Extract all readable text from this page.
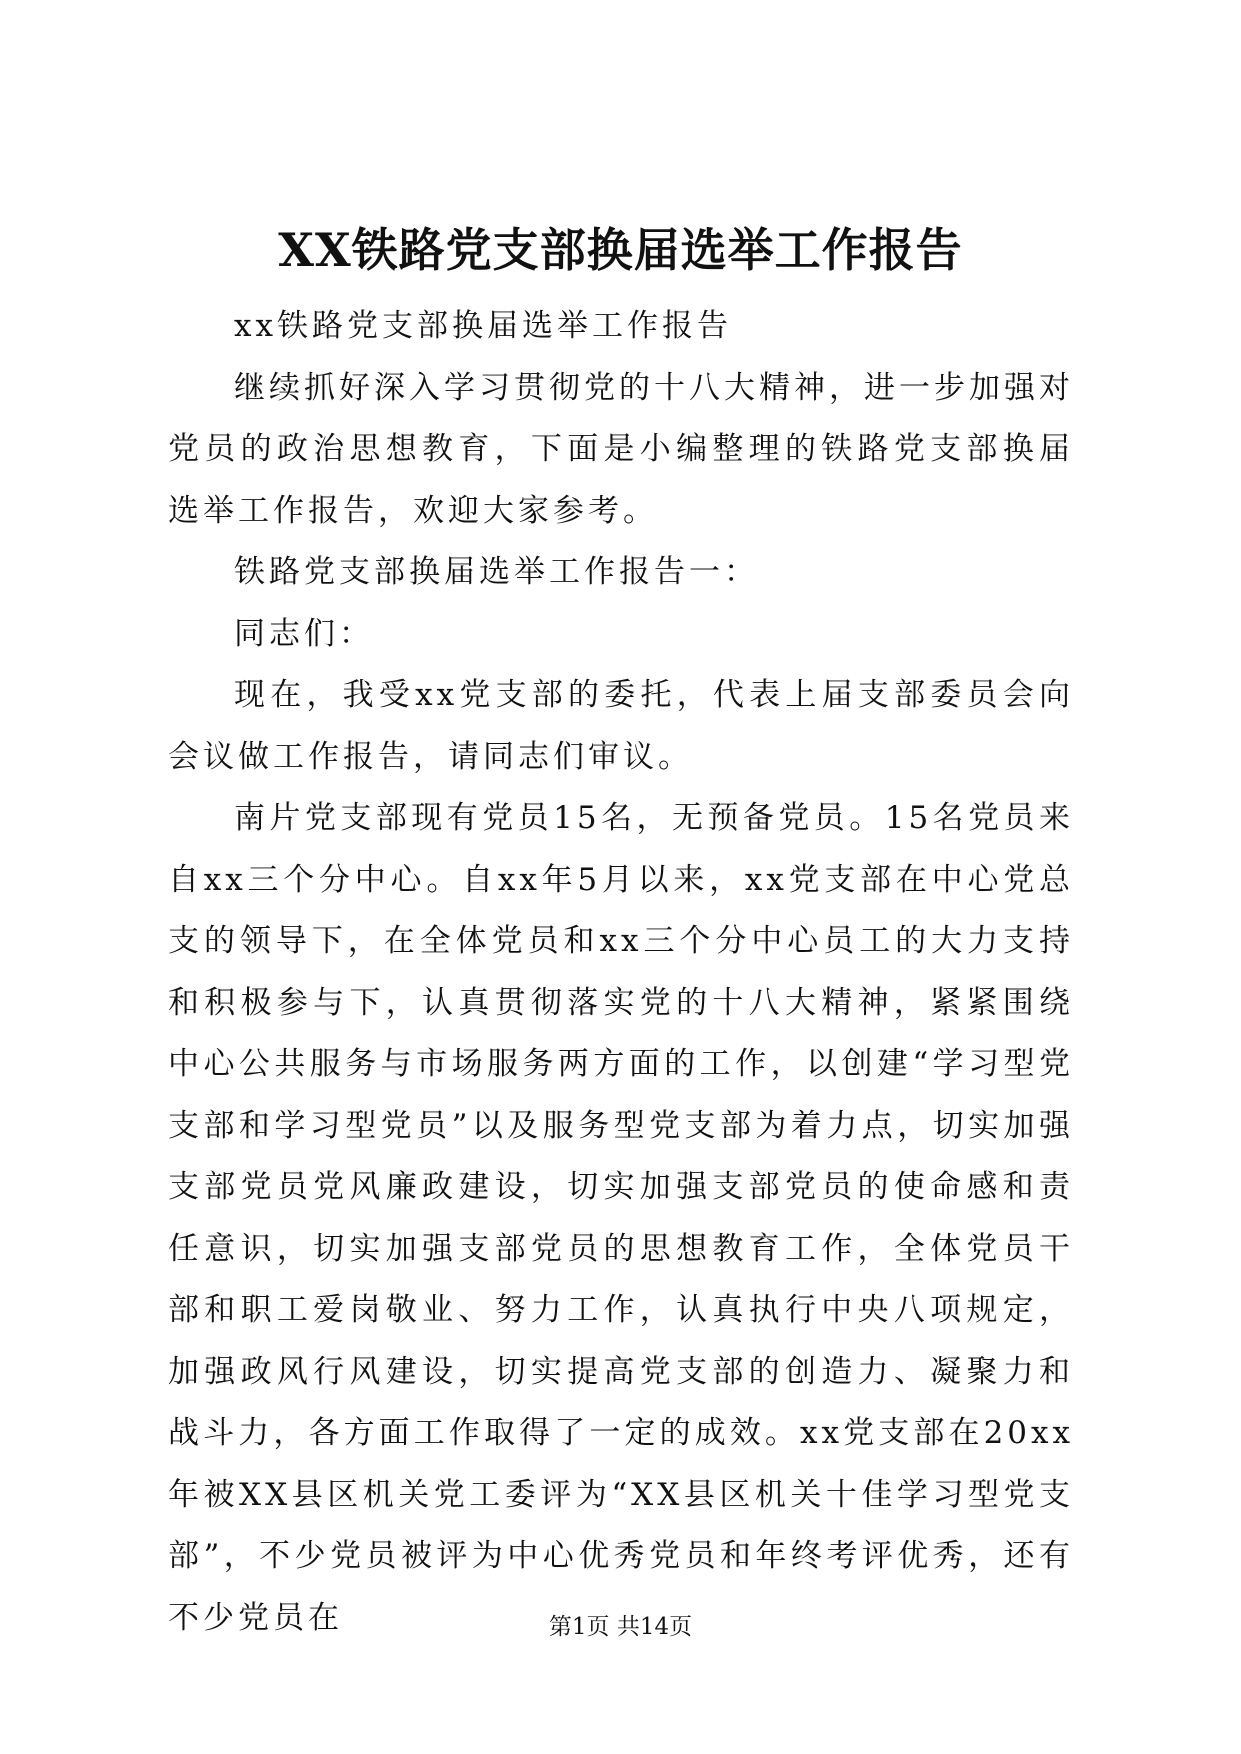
XX铁路党支部换届选举工作报告

xx铁路党支部换届选举工作报告

继续抓好深入学习贯彻党的十八大精神，进一步加强对党员的政治思想教育，下面是小编整理的铁路党支部换届选举工作报告，欢迎大家参考。

铁路党支部换届选举工作报告一：

同志们：

现在，我受xx党支部的委托，代表上届支部委员会向会议做工作报告，请同志们审议。

南片党支部现有党员15名，无预备党员。15名党员来自xx三个分中心。自xx年5月以来，xx党支部在中心党总支的领导下，在全体党员和xx三个分中心员工的大力支持和积极参与下，认真贯彻落实党的十八大精神，紧紧围绕中心公共服务与市场服务两方面的工作，以创建“学习型党支部和学习型党员”以及服务型党支部为着力点，切实加强支部党员党风廉政建设，切实加强支部党员的使命感和责任意识，切实加强支部党员的思想教育工作，全体党员干部和职工爱岗敬业、努力工作，认真执行中央八项规定，加强政风行风建设，切实提高党支部的创造力、凝聚力和战斗力，各方面工作取得了一定的成效。xx党支部在20xx年被XX县区机关党工委评为“XX县区机关十佳学习型党支部”，不少党员被评为中心优秀党员和年终考评优秀，还有不少党员在	第1页 共14页
